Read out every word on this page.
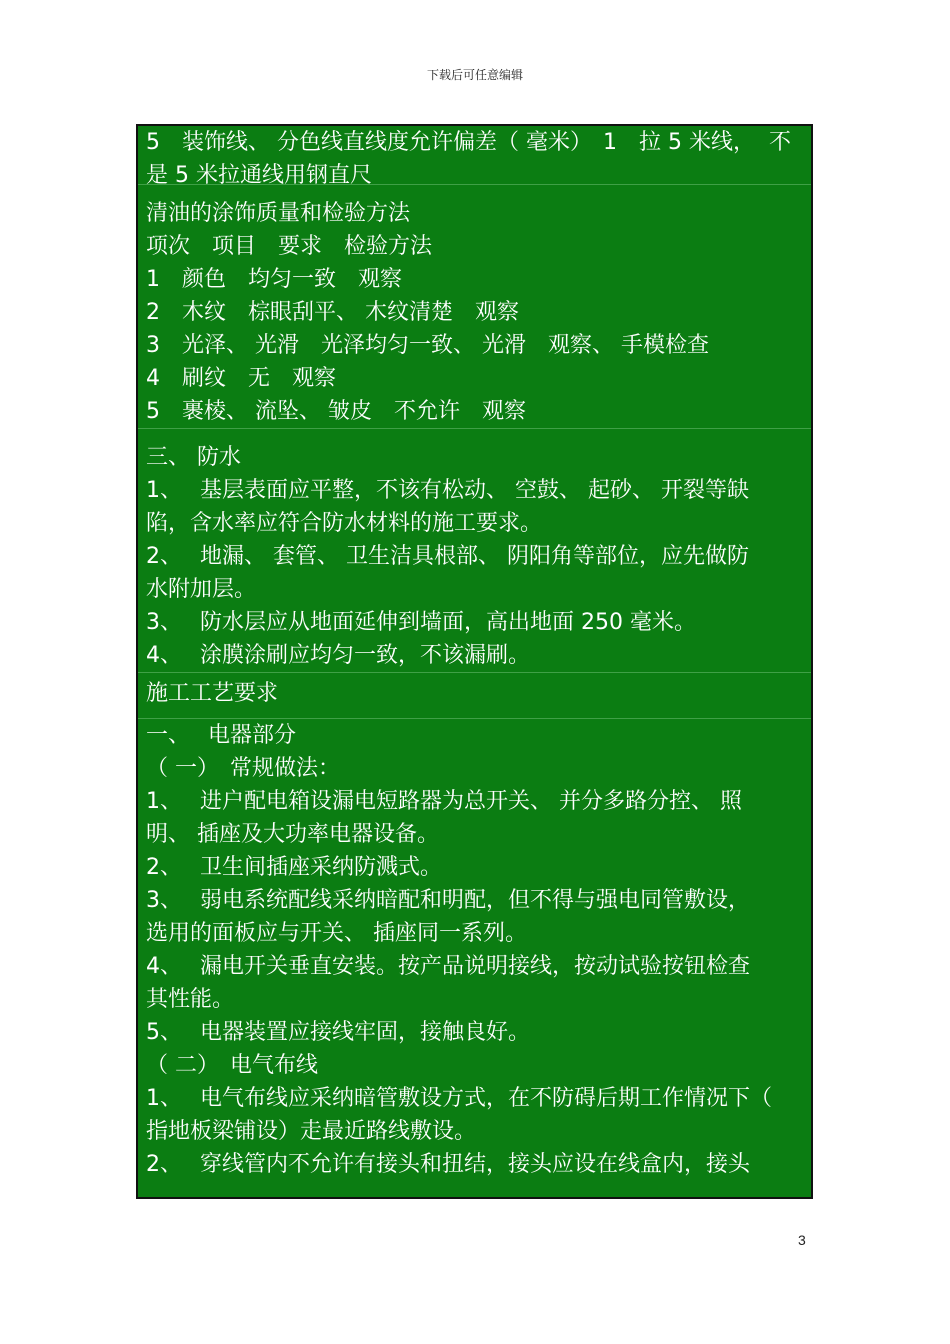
下载后可任意编辑
5　装饰线、 分色线直线度允许偏差（ 毫米）　1　拉 5 米线，  不
是 5 米拉通线用钢直尺
清油的涂饰质量和检验方法
项次　项目　要求　检验方法
1　颜色　均匀一致　观察
2　木纹　棕眼刮平、 木纹清楚　观察
3　光泽、 光滑　光泽均匀一致、 光滑　观察、 手模检查
4　刷纹　无　观察
5　裹棱、 流坠、 皱皮　不允许　观察
三、 防水
1、　 基层表面应平整，不该有松动、 空鼓、 起砂、 开裂等缺
陷，含水率应符合防水材料的施工要求。
2、　 地漏、 套管、 卫生洁具根部、 阴阳角等部位，应先做防
水附加层。
3、　 防水层应从地面延伸到墙面，高出地面 250 毫米。
4、　 涂膜涂刷应均匀一致，不该漏刷。
施工工艺要求
一、　 电器部分
（ 一）　常规做法：
1、　 进户配电箱设漏电短路器为总开关、 并分多路分控、 照
明、 插座及大功率电器设备。
2、　 卫生间插座采纳防溅式。
3、　 弱电系统配线采纳暗配和明配，但不得与强电同管敷设，
选用的面板应与开关、 插座同一系列。
4、　 漏电开关垂直安装。按产品说明接线，按动试验按钮检查
其性能。
5、　 电器装置应接线牢固，接触良好。
（ 二）　电气布线
1、　 电气布线应采纳暗管敷设方式，在不防碍后期工作情况下（
指地板梁铺设）走最近路线敷设。
2、　 穿线管内不允许有接头和扭结，接头应设在线盒内，接头
3
